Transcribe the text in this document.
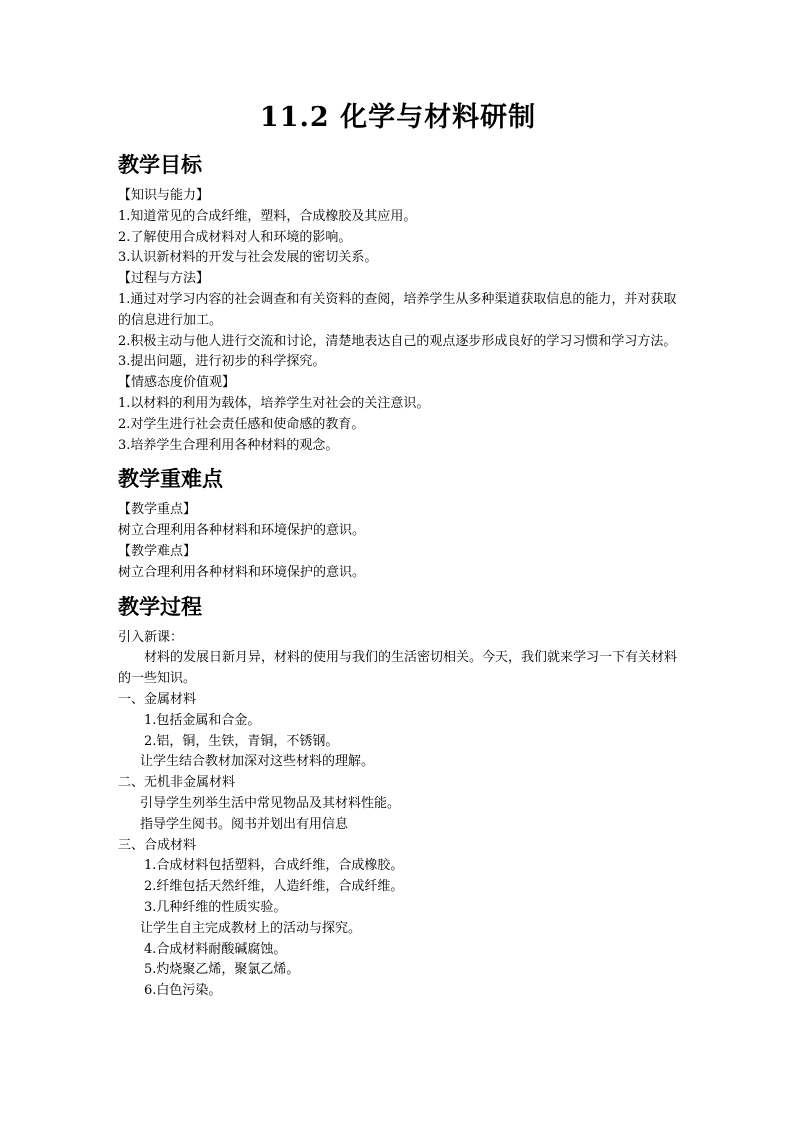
11.2 化学与材料研制
教学目标

【知识与能力】

1.知道常见的合成纤维，塑料，合成橡胶及其应用。

2.了解使用合成材料对人和环境的影响。

3.认识新材料的开发与社会发展的密切关系。

【过程与方法】

1.通过对学习内容的社会调查和有关资料的查阅，培养学生从多种渠道获取信息的能力，并对获取的信息进行加工。

2.积极主动与他人进行交流和讨论，清楚地表达自己的观点逐步形成良好的学习习惯和学习方法。

3.提出问题，进行初步的科学探究。

【情感态度价值观】

1.以材料的利用为载体，培养学生对社会的关注意识。

2.对学生进行社会责任感和使命感的教育。

3.培养学生合理利用各种材料的观念。

教学重难点

【教学重点】

树立合理利用各种材料和环境保护的意识。

【教学难点】

树立合理利用各种材料和环境保护的意识。

教学过程

引入新课：

材料的发展日新月异，材料的使用与我们的生活密切相关。今天，我们就来学习一下有关材料的一些知识。

一、金属材料

1.包括金属和合金。

2.铝，铜，生铁，青铜，不锈钢。

让学生结合教材加深对这些材料的理解。

二、无机非金属材料

引导学生列举生活中常见物品及其材料性能。

指导学生阅书。阅书并划出有用信息

三、合成材料

1.合成材料包括塑料，合成纤维，合成橡胶。

2.纤维包括天然纤维，人造纤维，合成纤维。

3.几种纤维的性质实验。

让学生自主完成教材上的活动与探究。

4.合成材料耐酸碱腐蚀。

5.灼烧聚乙烯，聚氯乙烯。

6.白色污染。
